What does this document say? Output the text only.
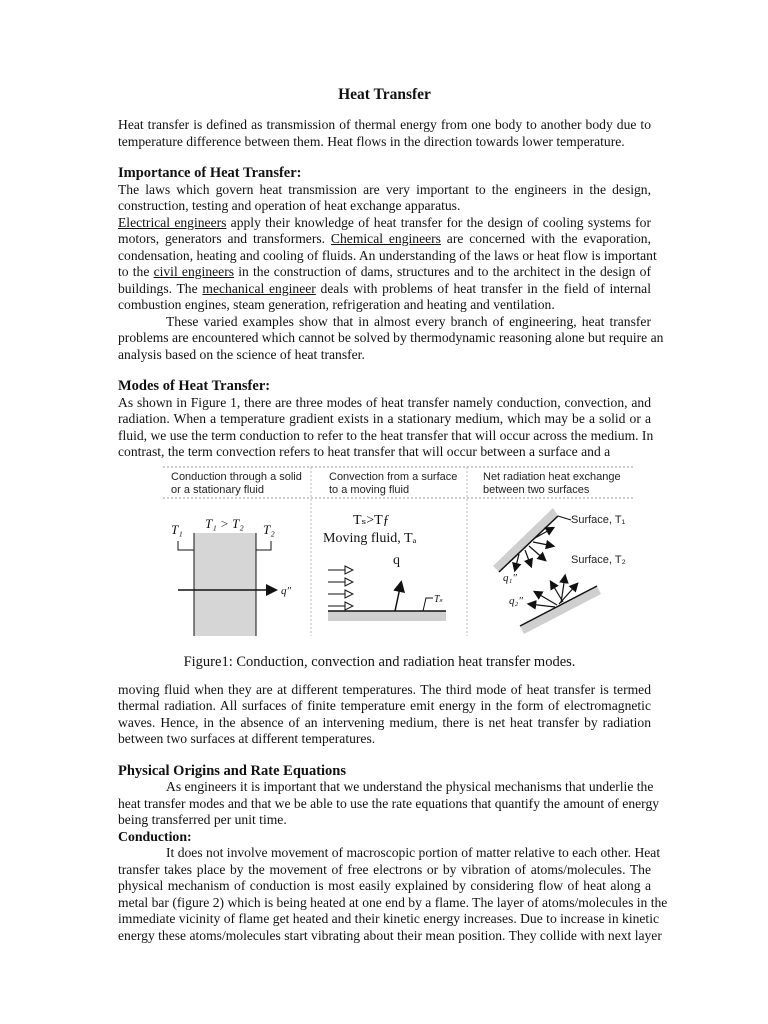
Heat Transfer
Heat transfer is defined as transmission of thermal energy from one body to another body due to
temperature difference between them. Heat flows in the direction towards lower temperature.
Importance of Heat Transfer:
The laws which govern heat transmission are very important to the engineers in the design,
construction, testing and operation of heat exchange apparatus.
Electrical engineers apply their knowledge of heat transfer for the design of cooling systems for
motors, generators and transformers. Chemical engineers are concerned with the evaporation,
condensation, heating and cooling of fluids. An understanding of the laws or heat flow is important
to the civil engineers in the construction of dams, structures and to the architect in the design of
buildings. The mechanical engineer deals with problems of heat transfer in the field of internal
combustion engines, steam generation, refrigeration and heating and ventilation.
These varied examples show that in almost every branch of engineering, heat transfer
problems are encountered which cannot be solved by thermodynamic reasoning alone but require an
analysis based on the science of heat transfer.
Modes of Heat Transfer:
As shown in Figure 1, there are three modes of heat transfer namely conduction, convection, and
radiation. When a temperature gradient exists in a stationary medium, which may be a solid or a
fluid, we use the term conduction to refer to the heat transfer that will occur across the medium. In
contrast, the term convection refers to heat transfer that will occur between a surface and a
Conduction through a solid
or a stationary fluid
Convection from a surface
to a moving fluid
Net radiation heat exchange
between two surfaces
T₁ T₁ > T₂ T₂
q″
Tₛ>Tƒ
Moving fluid, Tₐ
q
Tₛ
Surface, T₁
Surface, T₂
q₁″
q₂″
Figure1: Conduction, convection and radiation heat transfer modes.
moving fluid when they are at different temperatures. The third mode of heat transfer is termed
thermal radiation. All surfaces of finite temperature emit energy in the form of electromagnetic
waves. Hence, in the absence of an intervening medium, there is net heat transfer by radiation
between two surfaces at different temperatures.
Physical Origins and Rate Equations
As engineers it is important that we understand the physical mechanisms that underlie the
heat transfer modes and that we be able to use the rate equations that quantify the amount of energy
being transferred per unit time.
Conduction:
It does not involve movement of macroscopic portion of matter relative to each other. Heat
transfer takes place by the movement of free electrons or by vibration of atoms/molecules. The
physical mechanism of conduction is most easily explained by considering flow of heat along a
metal bar (figure 2) which is being heated at one end by a flame. The layer of atoms/molecules in the
immediate vicinity of flame get heated and their kinetic energy increases. Due to increase in kinetic
energy these atoms/molecules start vibrating about their mean position. They collide with next layer
